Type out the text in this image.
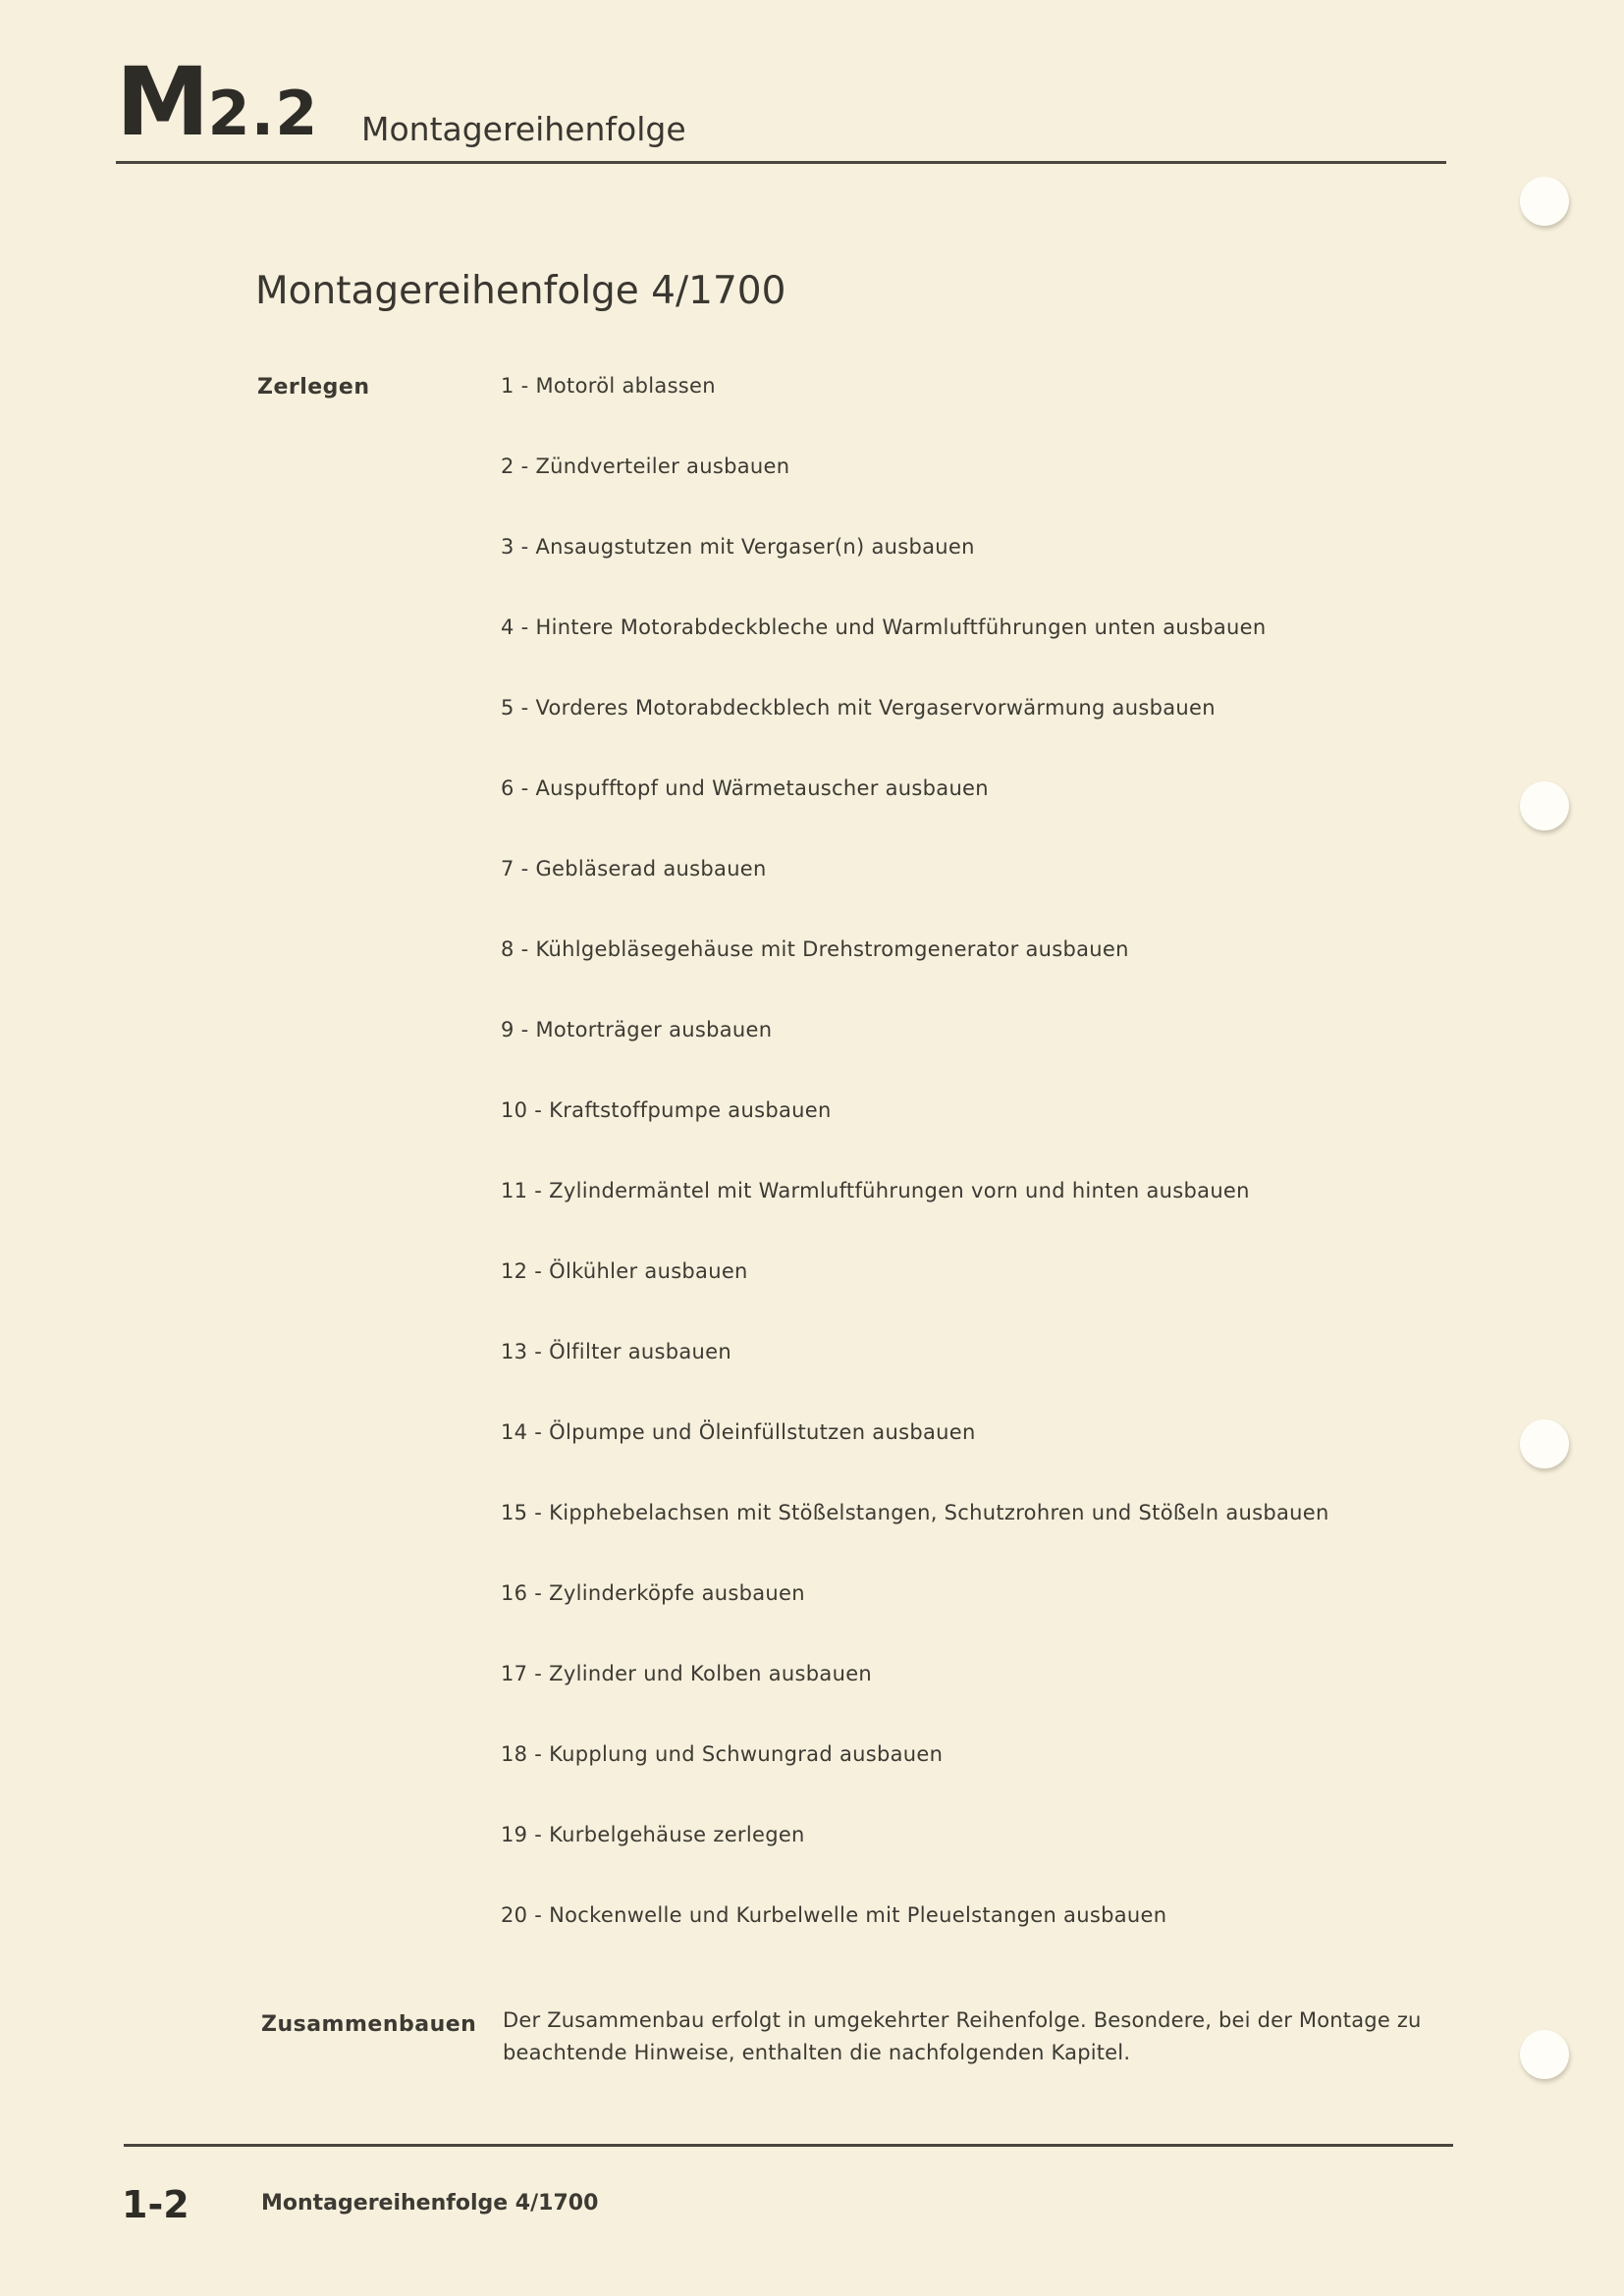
M2.2 Montagereihenfolge
Montagereihenfolge 4/1700
Zerlegen	1 - Motoröl ablassen
2 - Zündverteiler ausbauen
3 - Ansaugstutzen mit Vergaser(n) ausbauen
4 - Hintere Motorabdeckbleche und Warmluftführungen unten ausbauen
5 - Vorderes Motorabdeckblech mit Vergaservorwärmung ausbauen
6 - Auspufftopf und Wärmetauscher ausbauen
7 - Gebläserad ausbauen
8 - Kühlgebläsegehäuse mit Drehstromgenerator ausbauen
9 - Motorträger ausbauen
10 - Kraftstoffpumpe ausbauen
11 - Zylindermäntel mit Warmluftführungen vorn und hinten ausbauen
12 - Ölkühler ausbauen
13 - Ölfilter ausbauen
14 - Ölpumpe und Öleinfüllstutzen ausbauen
15 - Kipphebelachsen mit Stößelstangen, Schutzrohren und Stößeln ausbauen
16 - Zylinderköpfe ausbauen
17 - Zylinder und Kolben ausbauen
18 - Kupplung und Schwungrad ausbauen
19 - Kurbelgehäuse zerlegen
20 - Nockenwelle und Kurbelwelle mit Pleuelstangen ausbauen
Zusammenbauen Der Zusammenbau erfolgt in umgekehrter Reihenfolge. Besondere, bei der Montage zu beachtende Hinweise, enthalten die nachfolgenden Kapitel.
1-2	Montagereihenfolge 4/1700
